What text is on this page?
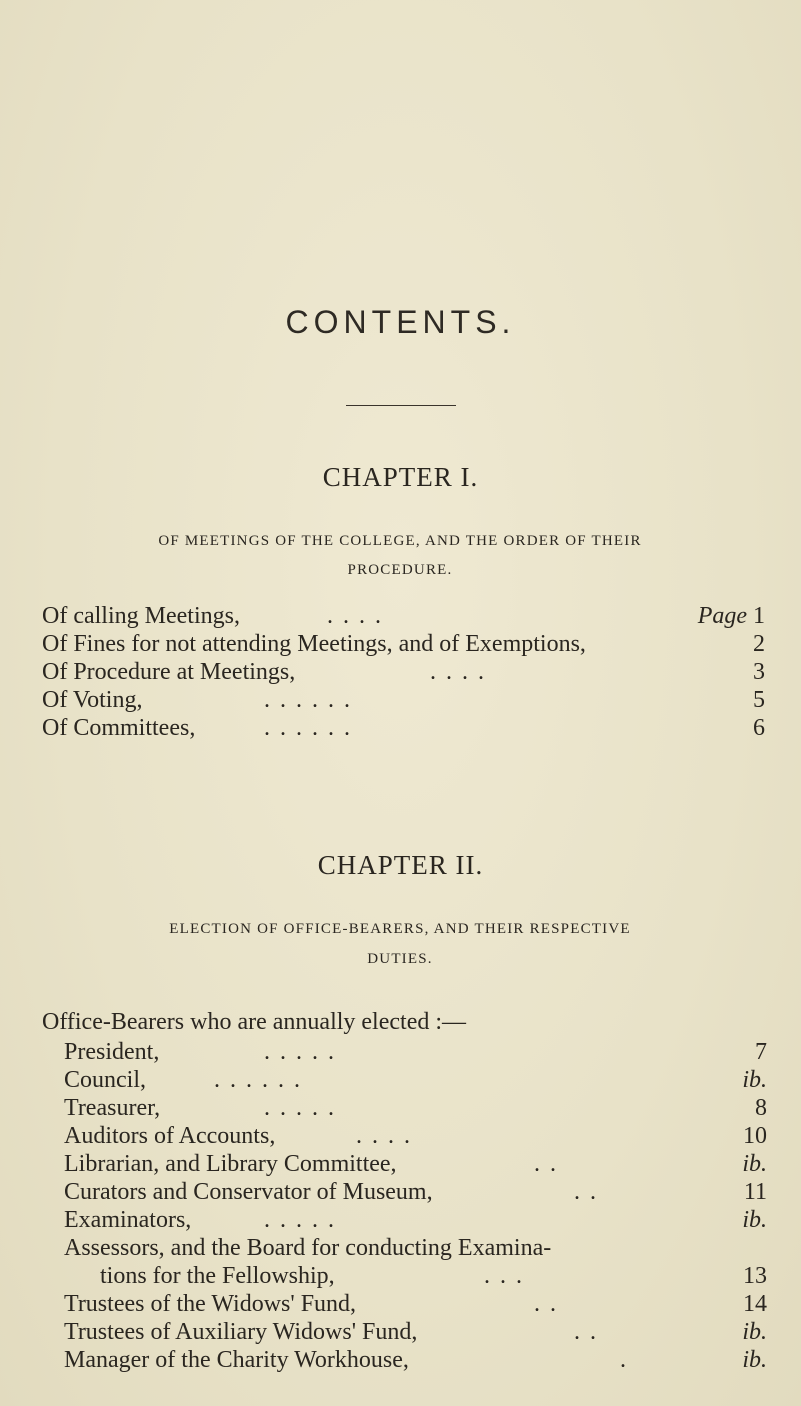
CONTENTS.
CHAPTER I.
OF MEETINGS OF THE COLLEGE, AND THE ORDER OF THEIR
PROCEDURE.
Of calling Meetings,	. . . .	Page 1
Of Fines for not attending Meetings, and of Exemptions,	2
Of Procedure at Meetings,	. . . .	3
Of Voting,	. . . . . .	5
Of Committees,	. . . . . .	6
CHAPTER II.
ELECTION OF OFFICE-BEARERS, AND THEIR RESPECTIVE
DUTIES.
Office-Bearers who are annually elected :—
President,	. . . . .	7
Council,	. . . . . .	ib.
Treasurer,	. . . . .	8
Auditors of Accounts,	. . . .	10
Librarian, and Library Committee,	. .	ib.
Curators and Conservator of Museum,	. .	11
Examinators,	. . . . .	ib.
Assessors, and the Board for conducting Examina-
tions for the Fellowship,	. . .	13
Trustees of the Widows' Fund,	. .	14
Trustees of Auxiliary Widows' Fund,	. .	ib.
Manager of the Charity Workhouse,	.	ib.
